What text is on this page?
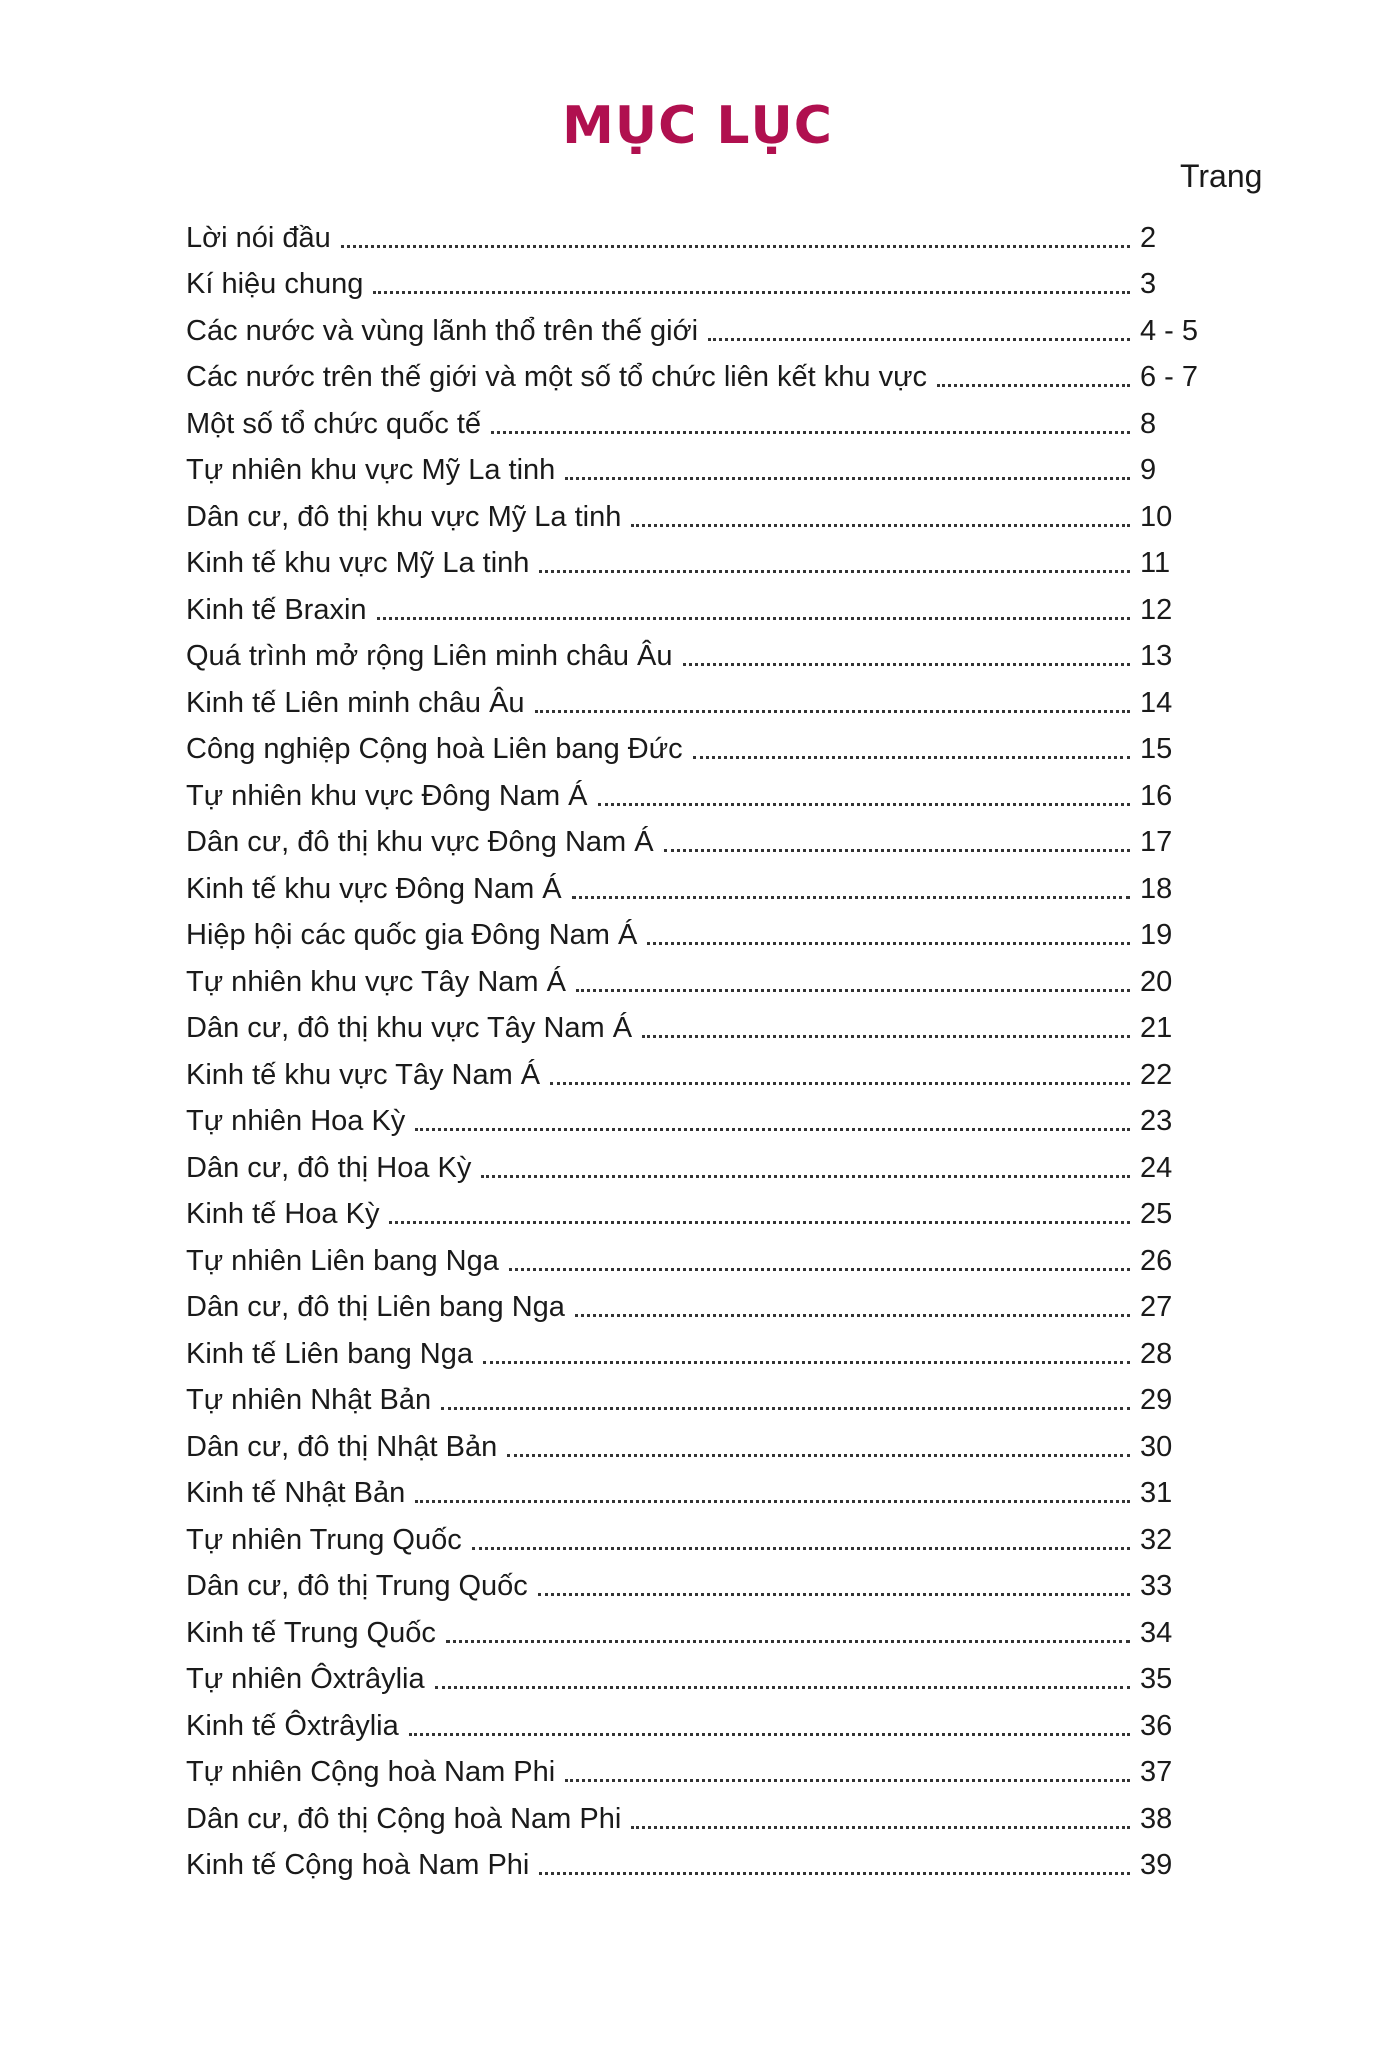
MỤC LỤC
Trang
Lời nói đầu	2
Kí hiệu chung	3
Các nước và vùng lãnh thổ trên thế giới	4 - 5
Các nước trên thế giới và một số tổ chức liên kết khu vực	6 - 7
Một số tổ chức quốc tế	8
Tự nhiên khu vực Mỹ La tinh	9
Dân cư, đô thị khu vực Mỹ La tinh	10
Kinh tế khu vực Mỹ La tinh	11
Kinh tế Braxin	12
Quá trình mở rộng Liên minh châu Âu	13
Kinh tế Liên minh châu Âu	14
Công nghiệp Cộng hoà Liên bang Đức	15
Tự nhiên khu vực Đông Nam Á	16
Dân cư, đô thị khu vực Đông Nam Á	17
Kinh tế khu vực Đông Nam Á	18
Hiệp hội các quốc gia Đông Nam Á	19
Tự nhiên khu vực Tây Nam Á	20
Dân cư, đô thị khu vực Tây Nam Á	21
Kinh tế khu vực Tây Nam Á	22
Tự nhiên Hoa Kỳ	23
Dân cư, đô thị Hoa Kỳ	24
Kinh tế Hoa Kỳ	25
Tự nhiên Liên bang Nga	26
Dân cư, đô thị Liên bang Nga	27
Kinh tế Liên bang Nga	28
Tự nhiên Nhật Bản	29
Dân cư, đô thị Nhật Bản	30
Kinh tế Nhật Bản	31
Tự nhiên Trung Quốc	32
Dân cư, đô thị Trung Quốc	33
Kinh tế Trung Quốc	34
Tự nhiên Ôxtrâylia	35
Kinh tế Ôxtrâylia	36
Tự nhiên Cộng hoà Nam Phi	37
Dân cư, đô thị Cộng hoà Nam Phi	38
Kinh tế Cộng hoà Nam Phi	39
